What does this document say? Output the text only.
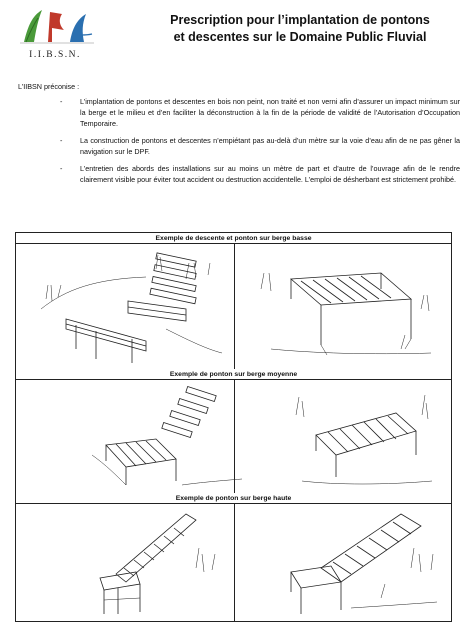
I.I.B.S.N.
Prescription pour l’implantation de pontons
et descentes sur le Domaine Public Fluvial
L’IIBSN préconise :
- L’implantation de pontons et descentes en bois non peint, non traité et non verni afin d’assurer un impact minimum sur la berge et le milieu et d’en faciliter la déconstruction à la fin de la période de validité de l’Autorisation d’Occupation Temporaire.
- La construction de pontons et descentes n’empiétant pas au-delà d’un mètre sur la voie d’eau afin de ne pas gêner la navigation sur le DPF.
- L’entretien des abords des installations sur au moins un mètre de part et d’autre de l’ouvrage afin de le rendre clairement visible pour éviter tout accident ou destruction accidentelle. L’emploi de désherbant est strictement prohibé.
Exemple de descente et ponton sur berge basse
Exemple de ponton sur berge moyenne
Exemple de ponton sur berge haute
